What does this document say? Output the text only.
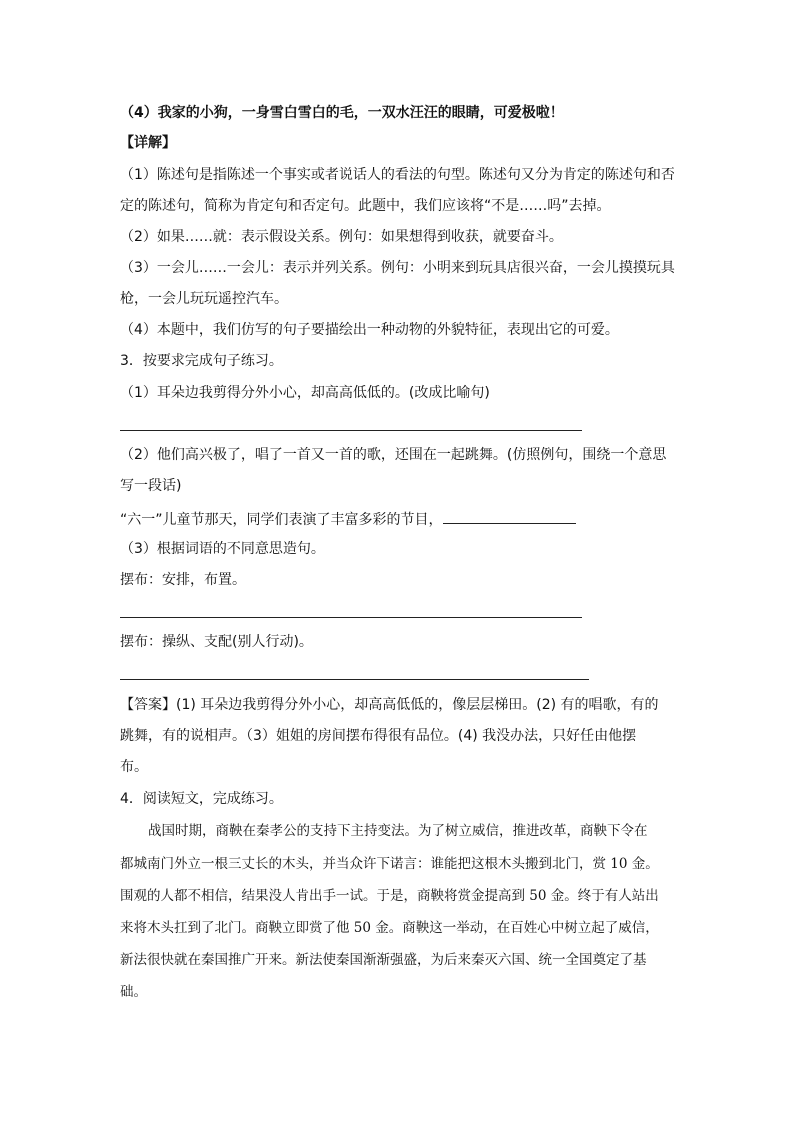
（4）我家的小狗，一身雪白雪白的毛，一双水汪汪的眼睛，可爱极啦！

【详解】

（1）陈述句是指陈述一个事实或者说话人的看法的句型。陈述句又分为肯定的陈述句和否

定的陈述句，简称为肯定句和否定句。此题中，我们应该将“不是……吗”去掉。

（2）如果……就：表示假设关系。例句：如果想得到收获，就要奋斗。

（3）一会儿……一会儿：表示并列关系。例句：小明来到玩具店很兴奋，一会儿摸摸玩具

枪，一会儿玩玩遥控汽车。

（4）本题中，我们仿写的句子要描绘出一种动物的外貌特征，表现出它的可爱。

3．按要求完成句子练习。

（1）耳朵边我剪得分外小心，却高高低低的。(改成比喻句)

（2）他们高兴极了，唱了一首又一首的歌，还围在一起跳舞。(仿照例句，围绕一个意思

写一段话)

“六一”儿童节那天，同学们表演了丰富多彩的节目，

（3）根据词语的不同意思造句。

摆布：安排，布置。

摆布：操纵、支配(别人行动)。

【答案】(1) 耳朵边我剪得分外小心，却高高低低的，像层层梯田。(2) 有的唱歌，有的

跳舞，有的说相声。（3）姐姐的房间摆布得很有品位。(4) 我没办法，只好任由他摆

布。

4．阅读短文，完成练习。

战国时期，商鞅在秦孝公的支持下主持变法。为了树立威信，推进改革，商鞅下令在

都城南门外立一根三丈长的木头，并当众许下诺言：谁能把这根木头搬到北门，赏 10 金。

围观的人都不相信，结果没人肯出手一试。于是，商鞅将赏金提高到 50 金。终于有人站出

来将木头扛到了北门。商鞅立即赏了他 50 金。商鞅这一举动，在百姓心中树立起了威信，

新法很快就在秦国推广开来。新法使秦国渐渐强盛，为后来秦灭六国、统一全国奠定了基

础。
